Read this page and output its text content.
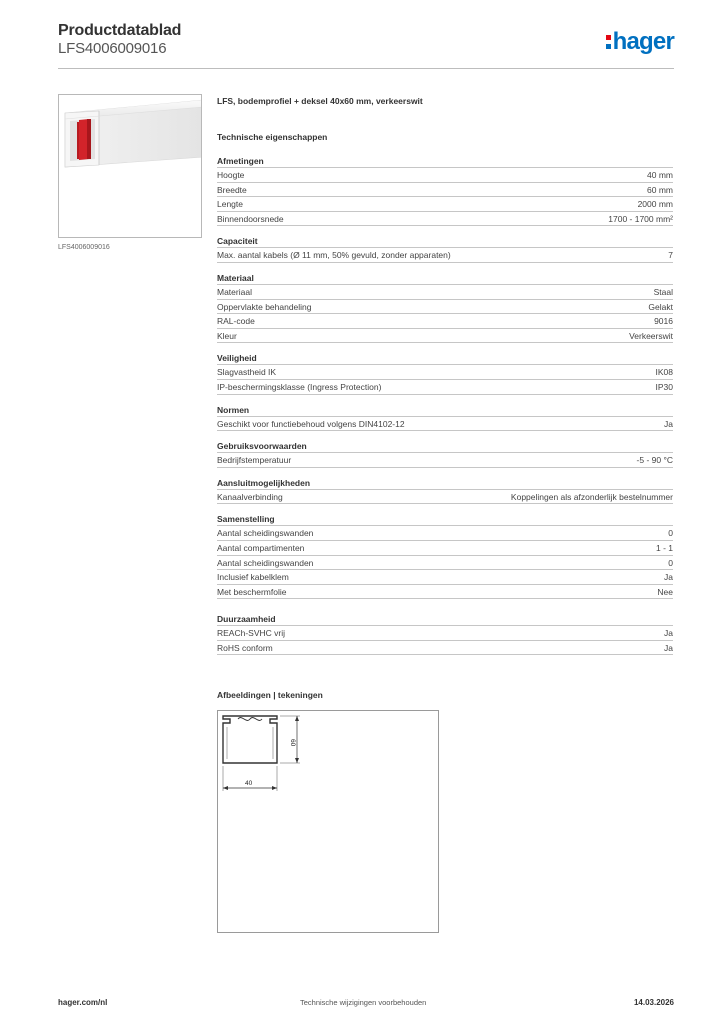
Productdatablad
LFS4006009016	hager
LFS4006009016
LFS, bodemprofiel + deksel 40x60 mm, verkeerswit
Technische eigenschappen
Afmetingen
Hoogte	40 mm
Breedte	60 mm
Lengte	2000 mm
Binnendoorsnede	1700 - 1700 mm²
Capaciteit
Max. aantal kabels (Ø 11 mm, 50% gevuld, zonder apparaten)	7
Materiaal
Materiaal	Staal
Oppervlakte behandeling	Gelakt
RAL-code	9016
Kleur	Verkeerswit
Veiligheid
Slagvastheid IK	IK08
IP-beschermingsklasse (Ingress Protection)	IP30
Normen
Geschikt voor functiebehoud volgens DIN4102-12	Ja
Gebruiksvoorwaarden
Bedrijfstemperatuur	-5 - 90 °C
Aansluitmogelijkheden
Kanaalverbinding	Koppelingen als afzonderlijk bestelnummer
Samenstelling
Aantal scheidingswanden	0
Aantal compartimenten	1 - 1
Aantal scheidingswanden	0
Inclusief kabelklem	Ja
Met beschermfolie	Nee
Duurzaamheid
REACh-SVHC vrij	Ja
RoHS conform	Ja
Afbeeldingen | tekeningen
60
40
hager.com/nl	Technische wijzigingen voorbehouden	14.03.2026
